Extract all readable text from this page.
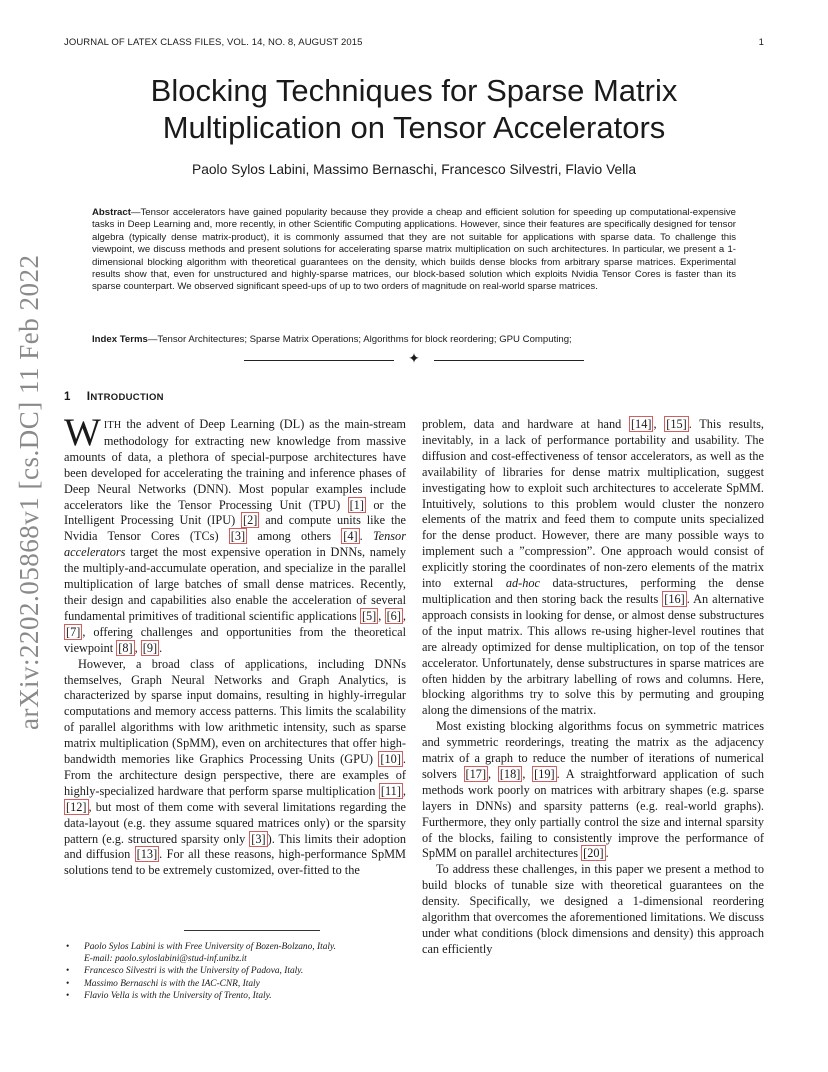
JOURNAL OF LATEX CLASS FILES, VOL. 14, NO. 8, AUGUST 2015	1
arXiv:2202.05868v1 [cs.DC] 11 Feb 2022
Blocking Techniques for Sparse Matrix Multiplication on Tensor Accelerators
Paolo Sylos Labini, Massimo Bernaschi, Francesco Silvestri, Flavio Vella
Abstract—Tensor accelerators have gained popularity because they provide a cheap and efficient solution for speeding up computational-expensive tasks in Deep Learning and, more recently, in other Scientific Computing applications. However, since their features are specifically designed for tensor algebra (typically dense matrix-product), it is commonly assumed that they are not suitable for applications with sparse data. To challenge this viewpoint, we discuss methods and present solutions for accelerating sparse matrix multiplication on such architectures. In particular, we present a 1-dimensional blocking algorithm with theoretical guarantees on the density, which builds dense blocks from arbitrary sparse matrices. Experimental results show that, even for unstructured and highly-sparse matrices, our block-based solution which exploits Nvidia Tensor Cores is faster than its sparse counterpart. We observed significant speed-ups of up to two orders of magnitude on real-world sparse matrices.
Index Terms—Tensor Architectures; Sparse Matrix Operations; Algorithms for block reordering; GPU Computing;
✦
1 INTRODUCTION

WITH the advent of Deep Learning (DL) as the main-stream methodology for extracting new knowledge from massive amounts of data, a plethora of special-purpose architectures have been developed for accelerating the training and inference phases of Deep Neural Networks (DNN). Most popular examples include accelerators like the Tensor Processing Unit (TPU) [1] or the Intelligent Processing Unit (IPU) [2] and compute units like the Nvidia Tensor Cores (TCs) [3] among others [4] . Tensor accelerators target the most expensive operation in DNNs, namely the multiply-and-accumulate operation, and specialize in the parallel multiplication of large batches of small dense matrices. Recently, their design and capabilities also enable the acceleration of several fundamental primitives of traditional scientific applications [5] , [6] , [7] , offering challenges and opportunities from the theoretical viewpoint [8] , [9] .

However, a broad class of applications, including DNNs themselves, Graph Neural Networks and Graph Analytics, is characterized by sparse input domains, resulting in highly-irregular computations and memory access patterns. This limits the scalability of parallel algorithms with low arithmetic intensity, such as sparse matrix multiplication (SpMM), even on architectures that offer high-bandwidth memories like Graphics Processing Units (GPU) [10] . From the architecture design perspective, there are examples of highly-specialized hardware that perform sparse multiplication [11] , [12] , but most of them come with several limitations regarding the data-layout (e.g. they assume squared matrices only) or the sparsity pattern (e.g. structured sparsity only [3] ). This limits their adoption and diffusion [13] . For all these reasons, high-performance SpMM solutions tend to be extremely customized, over-fitted to the

problem, data and hardware at hand [14] , [15] . This results, inevitably, in a lack of performance portability and usability. The diffusion and cost-effectiveness of tensor accelerators, as well as the availability of libraries for dense matrix multiplication, suggest investigating how to exploit such architectures to accelerate SpMM. Intuitively, solutions to this problem would cluster the nonzero elements of the matrix and feed them to compute units specialized for the dense product. However, there are many possible ways to implement such a ”compression”. One approach would consist of explicitly storing the coordinates of non-zero elements of the matrix into external ad-hoc data-structures, performing the dense multiplication and then storing back the results [16] . An alternative approach consists in looking for dense, or almost dense substructures of the input matrix. This allows re-using higher-level routines that are already optimized for dense multiplication, on top of the tensor accelerator. Unfortunately, dense substructures in sparse matrices are often hidden by the arbitrary labelling of rows and columns. Here, blocking algorithms try to solve this by permuting and grouping along the dimensions of the matrix.

Most existing blocking algorithms focus on symmetric matrices and symmetric reorderings, treating the matrix as the adjacency matrix of a graph to reduce the number of iterations of numerical solvers [17] , [18] , [19] . A straightforward application of such methods work poorly on matrices with arbitrary shapes (e.g. sparse layers in DNNs) and sparsity patterns (e.g. real-world graphs). Furthermore, they only partially control the size and internal sparsity of the blocks, failing to consistently improve the performance of SpMM on parallel architectures [20] .

To address these challenges, in this paper we present a method to build blocks of tunable size with theoretical guarantees on the density. Specifically, we designed a 1-dimensional reordering algorithm that overcomes the aforementioned limitations. We discuss under what conditions (block dimensions and density) this approach can efficiently

• Paolo Sylos Labini is with Free University of Bozen-Bolzano, Italy.
E-mail: paolo.syloslabini@stud-inf.unibz.it
• Francesco Silvestri is with the University of Padova, Italy.
• Massimo Bernaschi is with the IAC-CNR, Italy
• Flavio Vella is with the University of Trento, Italy.
